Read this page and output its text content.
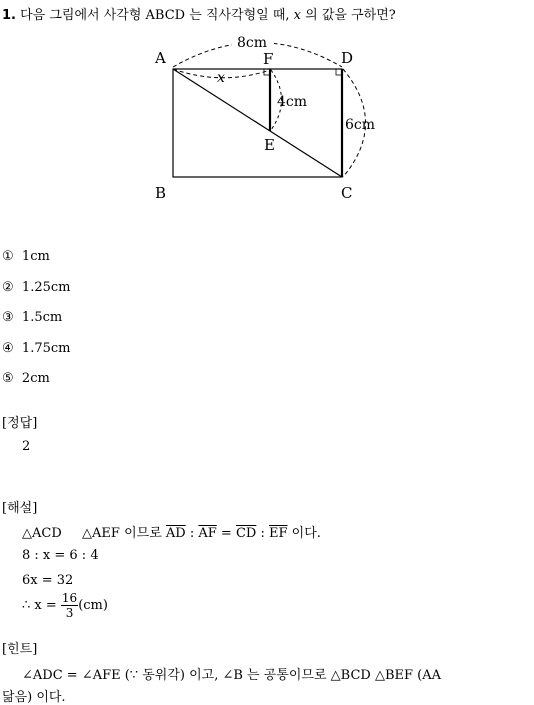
1. 다음 그림에서 사각형 ABCD 는 직사각형일 때, x 의 값을 구하면?
8cm
A	D
F
x
4cm
6cm
E
B	C
① 1cm
② 1.25cm
③ 1.5cm
④ 1.75cm
⑤ 2cm
[정답]
2
[해설]
△ACD △AEF 이므로 $\overline{AD}$ : $\overline{AF} = \overline{CD}$ : $\overline{EF}$ 이다.
8 : x = 6 : 4
6x = 32
∴ $x = \frac{16}{3} (cm)$
[힌트]
∠ADC = ∠AFE (∵ 동위각) 이고, ∠B 는 공통이므로 △BCD △BEF (AA
닮음) 이다.
